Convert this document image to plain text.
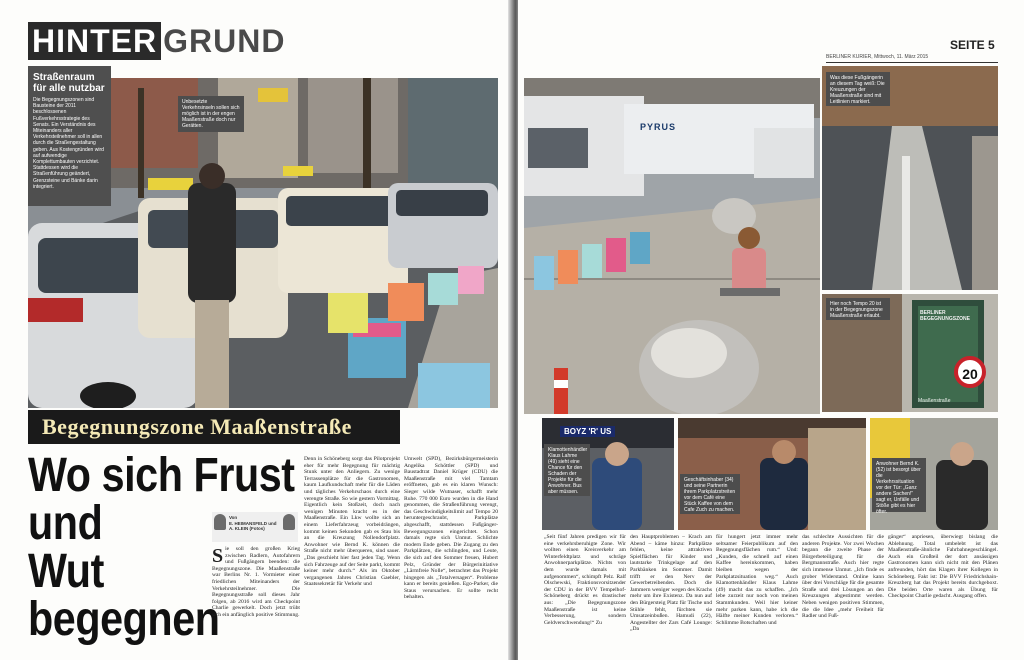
HINTER GRUND
Straßenraum für alle nutzbar
Die Begegnungszonen sind Bausteine der 2011 beschlossenen Fußverkehrsstrategie des Senats. Ein Verständnis des Miteinanders aller Verkehrsteilnehmer soll in allen durch die Straßengestaltung geben. Aus Kostengründen wird auf aufwendige Komplettumbauten verzichtet. Stattdessen wird die Straßenführung geändert, Grenzsteine und Bänke darin integriert.
Unbesetzte Verkehrsinseln sollen sich möglich ist in der engen Maaßenstraße doch nur Gerätten.
Begegnungszone Maaßenstraße
Wo sich Frust
und Wut
begegnen
Von
E. HEIMANSFELD und A. KLEIN (Fotos)
Sie soll den großen Krieg zwischen Radlern, Autofahrern und Fußgängern beenden: die Begegnungszone. Die Maaßenstraße war Berlins Nr. 1. Vormieter einer friedlichen Miteinanders der Verkehrsteilnehmer. Die Begegnungsstraße soll dieses Jahr folgen, ab 2016 wird am Checkpoint Charlie gewerkelt. Doch jetzt trübt sich ein anfänglich positive Stimmung.
Denn in Schöneberg sorgt das Pilotprojekt eher für mehr Begegnung für mächtig Stunk unter den Anliegern. Zu wenige Terrassenplätze für die Gastronomen, kaum Laufkundschaft mehr für die Läden und tägliches Verkehrschaos durch eine verengte Straße. So wie gestern Vormittag. Eigentlich kein Stoßzeit, doch nach wenigen Minuten kracht es in der Maaßenstraße. Ein Lkw wollte sich an einem Lieferfahrzeug vorbeidrängen, kommt keinen Sekunden gab es Stau bis an die Kreuzung Nollendorfplatz. Anwohner wie Bernd K. können die Straße nicht mehr überqueren, sind sauer. „Das geschieht hier fast jeden Tag. Wenn sich Fahrzeuge auf der Seite parkt, kommt keiner mehr durch.“ Als im Oktober vergangenen Jahres Christian Gaebler, Staatssekretär für Verkehr und
Umwelt (SPD), Bezirksbürgermeisterin Angelika Schöttler (SPD) und Baustadtrat Daniel Krüger (CDU) die Maaßenstraße mit viel Tamtam eröffneten, gab es ein klaren Wunsch: Sieger wilde Wutnaser, schafft mehr Ruhe. 770 000 Euro wurden in die Hand genommen, die Straßenführung verengt, das Geschwindigkeitslimit auf Tempo 20 heruntergeschraubt, Parkplätze abgeschafft, stattdessen Fußgänger-Bewegungszonen eingerichtet. Schon damals regte sich Unmut. Schlichte modern Ende geben. Die Zugang zu den Parkplätzen, die schlingden, und Leute, die sich auf den Sommer freuen, Hubert Pelz, Gründer der Bürgerinitiative „Lärmfreie Nolle“, betrachtet das Projekt hingegen als „Totalversagen“. Probleme kann er bereits genießen. Ego-Parker, die Staus verursachen. Er sollte recht behalten.
SEITE 5
BERLINER KURIER, Mittwoch, 11. März 2015
PYRUS
Was diese Fußgängerin an diesem Tag weiß: Die Kreuzungen der Maaßenstraße sind mit Leitlinien markiert.
Hier noch Tempo 20 ist in der Begegnungszone Maaßenstraße erlaubt.	BERLINER BEGEGNUNGSZONE
20
Maaßenstraße
BOYZ 'R' US
Klamottenhändler Klaus Lahme (49) sieht eine Chance für den Schaden der Projekte für die Anwohner. Bus aber müssen.
Geschäftsinhaber (34) und seine Partnerin ihrem Parkplatzstreiten vor dem Café eine Stück Kaffee von dem Cafe Zuch zu machen.
Anwohner Bernd K. (52) ist besorgt über die Verkehrssituation vor der Tür: „Ganz andere Sachen!“ sagt er, Unfälle und Stöße gibt es hier öfter.
„Seit fünf Jahren predigen wir für eine verkehrsberuhigte Zone. Wir wollten einen Kreisverkehr am Winterfeldtplatz und schräge Anwohnerparkplätze. Nichts von dem wurde damals mit aufgenommen“, schimpft Pelz. Ralf Olschewski, Fraktionsvorsitzender der CDU in der BVV Tempelhof-Schöneberg drückt es drastischer aus: „Die Begegnungszone Maaßenstraße ist keine Verbesserung, sondern Geldverschwendung!“ Zu
den Hauptproblemen – Krach am Abend – käme hinzu: Parkplätze fehlen, keine attraktiven Spielflächen für Kinder und lautstarke Trinkgelage auf den Parkbänken im Sommer. Damit trifft er den Nerv der Gewerbetreibenden. Doch die Jammern weniger wegen des Krachs mehr um ihre Existenz. Da nun auf den Bürgersteig Platz für Tische und Stühle fehlt, fürchten sie Umsatzeinbußen. Hamudi (22), Angestellter der Zars Café Lounge: „Da
für hungert jetzt immer mehr seltsamer Feierpublikum auf den Begegnungsflächen rum.“ Und: „Kunden, die schnell auf einen Kaffee hereinkommen, haben bleiben wegen der Parkplatzsituation weg.“ Auch Klamottenhändler Klaus Lahme (49) macht das zu schaffen. „Ich lebe zurzeit nur noch von meinen Stammkunden. Weil hier keiner mehr parken kann, habe ich die Hälfte meiner Kunden verloren.“ Schlimme Botschaften und
das schlechte Aussichten für die anderen Projekte. Vor zwei Wochen begann die zweite Phase der Bürgerbeteiligung für die Bergmannstraße. Auch hier regte sich immense Unmut. „Ich finde es grober Widerstand. Online kann über drei Vorschläge für die gesamte Straße und drei Lösungen an den Kreuzungen abgestimmt werden. Neben wenigen positiven Stimmen, die die Idee „mehr Freiheit für Radler und Fuß-
gänger“ anpriesen, überwiegt bislang die Ablehnung. Total umbelebt ist das Maaßenstraße-ähnliche Fahrbahnegeschlängel. Auch ein Großteil der dort ansässigen Gastronomen kann sich nicht mit den Plänen anfreunden, hört das Klagen ihrer Kollegen in Schöneberg. Fakt ist: Die BVV Friedrichshain-Kreuzberg hat das Projekt bereits durchgeboxt. Die beiden Orte waren als Übung für Checkpoint Charlie gedacht. Ausgang offen.
